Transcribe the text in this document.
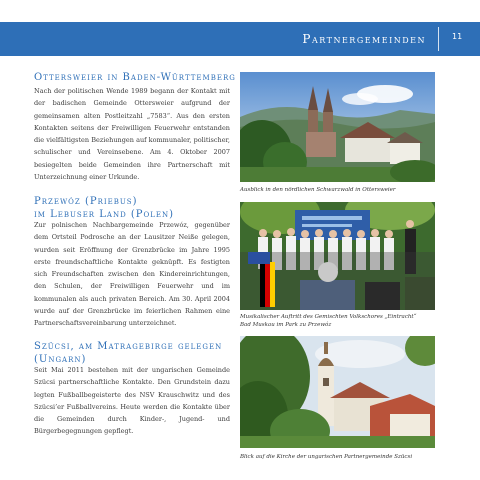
Partnergemeinden	11
Ottersweier in Baden-Württemberg

Nach der politischen Wende 1989 begann der Kontakt mit der badischen Gemeinde Ottersweier aufgrund der gemeinsamen alten Postleitzahl „7583“. Aus den ersten Kontakten seitens der Freiwilligen Feuerwehr entstanden die vielfältigsten Beziehungen auf kommunaler, politischer, schulischer und Vereinsebene. Am 4. Oktober 2007 besiegelten beide Gemeinden ihre Partnerschaft mit Unterzeichnung einer Urkunde.

Przewóz (Priebus)
im Lebuser Land (Polen)

Zur polnischen Nachbargemeinde Przewóz, gegenüber dem Ortsteil Podrosche an der Lausitzer Neiße gelegen, wurden seit Eröffnung der Grenzbrücke im Jahre 1995 erste freundschaftliche Kontakte geknüpft. Es festigten sich Freundschaften zwischen den Kindereinrichtungen, den Schulen, der Freiwilligen Feuerwehr und im kommunalen als auch privaten Bereich. Am 30. April 2004 wurde auf der Grenzbrücke im feierlichen Rahmen eine Partnerschaftsvereinbarung unterzeichnet.

Szücsi, am Matragebirge gelegen
(Ungarn)

Seit Mai 2011 bestehen mit der ungarischen Gemeinde Szücsi partnerschaftliche Kontakte. Den Grundstein dazu legten Fußballbegeisterte des NSV Krauschwitz und des Szücsi’er Fußballvereins. Heute werden die Kontakte über die Gemeinden durch Kinder-, Jugend- und Bürgerbegegnungen gepflegt.

Ausblick in den nördlichen Schwarzwald in Ottersweier

Musikalischer Auftritt des Gemischten Volkschores „Eintracht“
Bad Muskau im Park zu Przewóz

Blick auf die Kirche der ungarischen Partnergemeinde Szücsi
